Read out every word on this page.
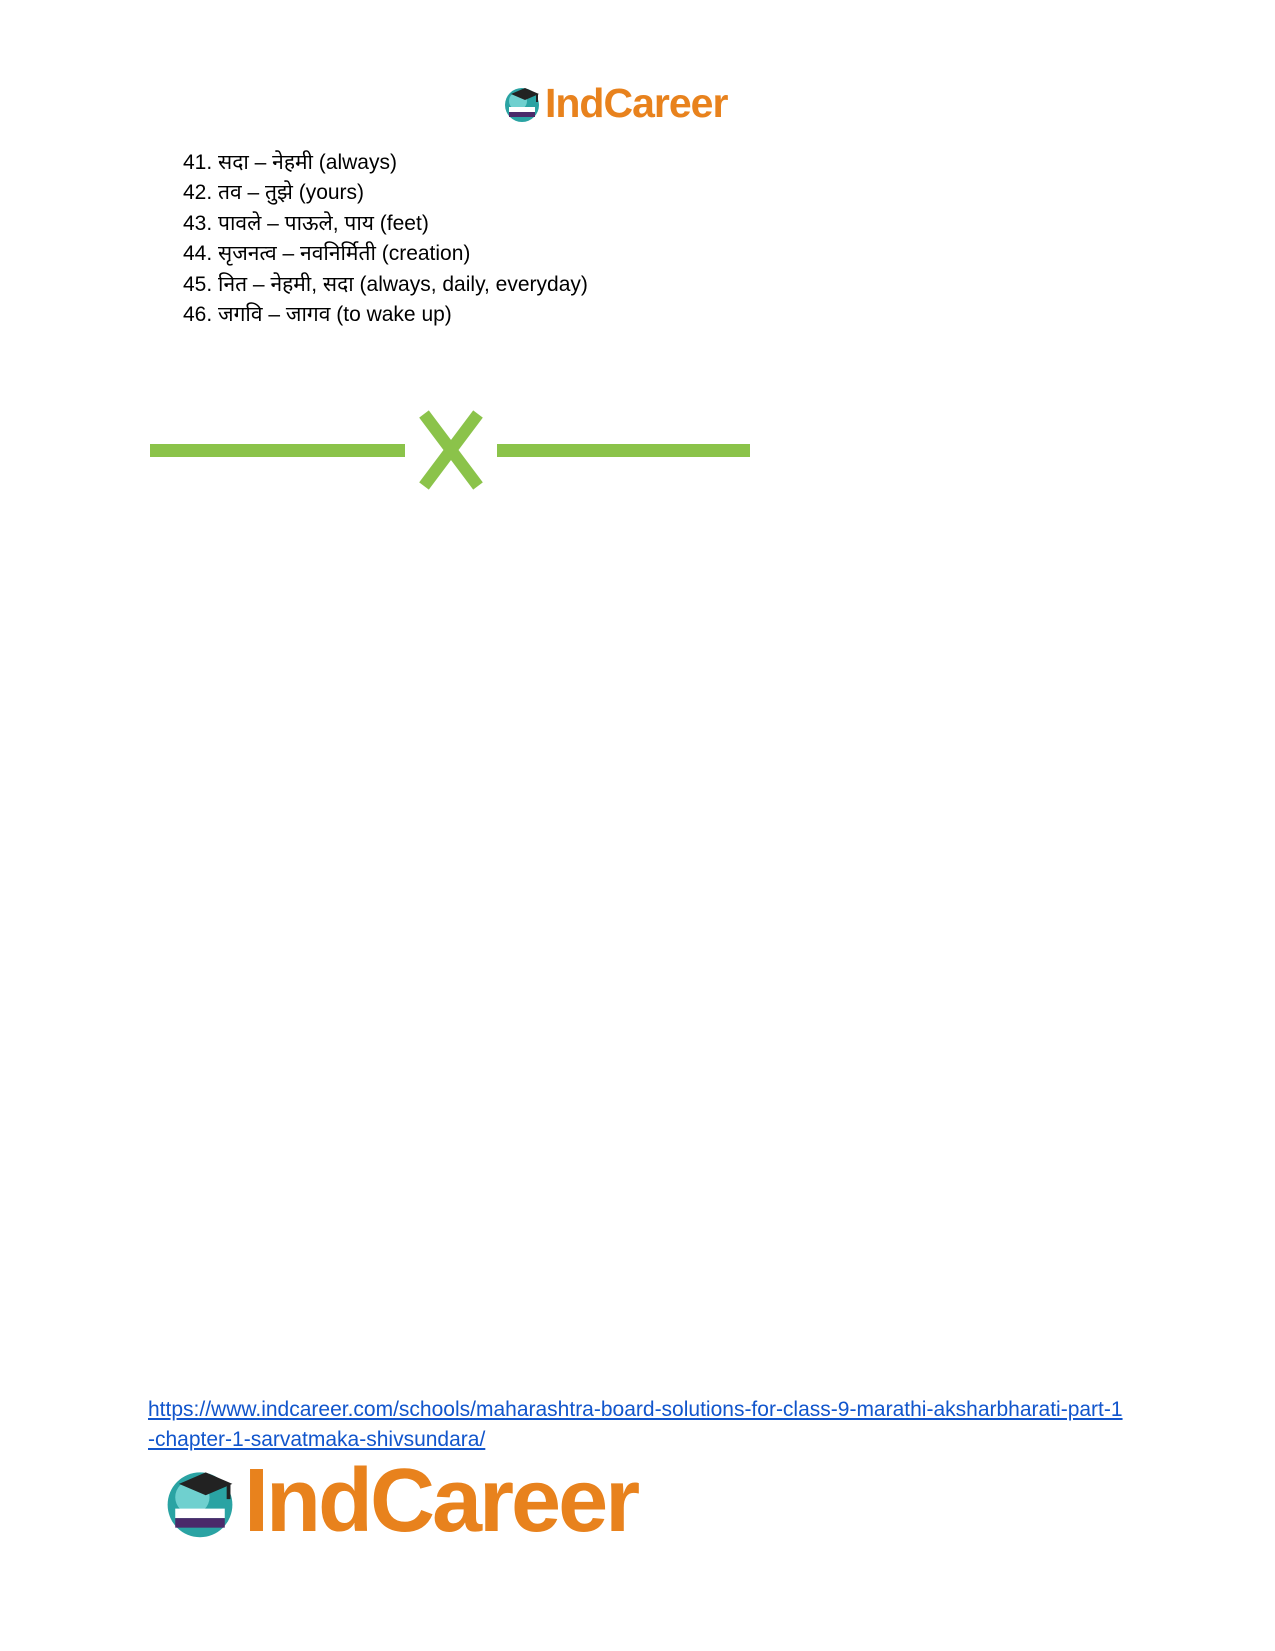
IndCareer
41. सदा – नेहमी (always)
42. तव – तुझे (yours)
43. पावले – पाऊले, पाय (feet)
44. सृजनत्व – नवनिर्मिती (creation)
45. नित – नेहमी, सदा (always, daily, everyday)
46. जगवि – जागव (to wake up)
https://www.indcareer.com/schools/maharashtra-board-solutions-for-class-9-marathi-aksharbharati-part-1-chapter-1-sarvatmaka-shivsundara/
IndCareer
